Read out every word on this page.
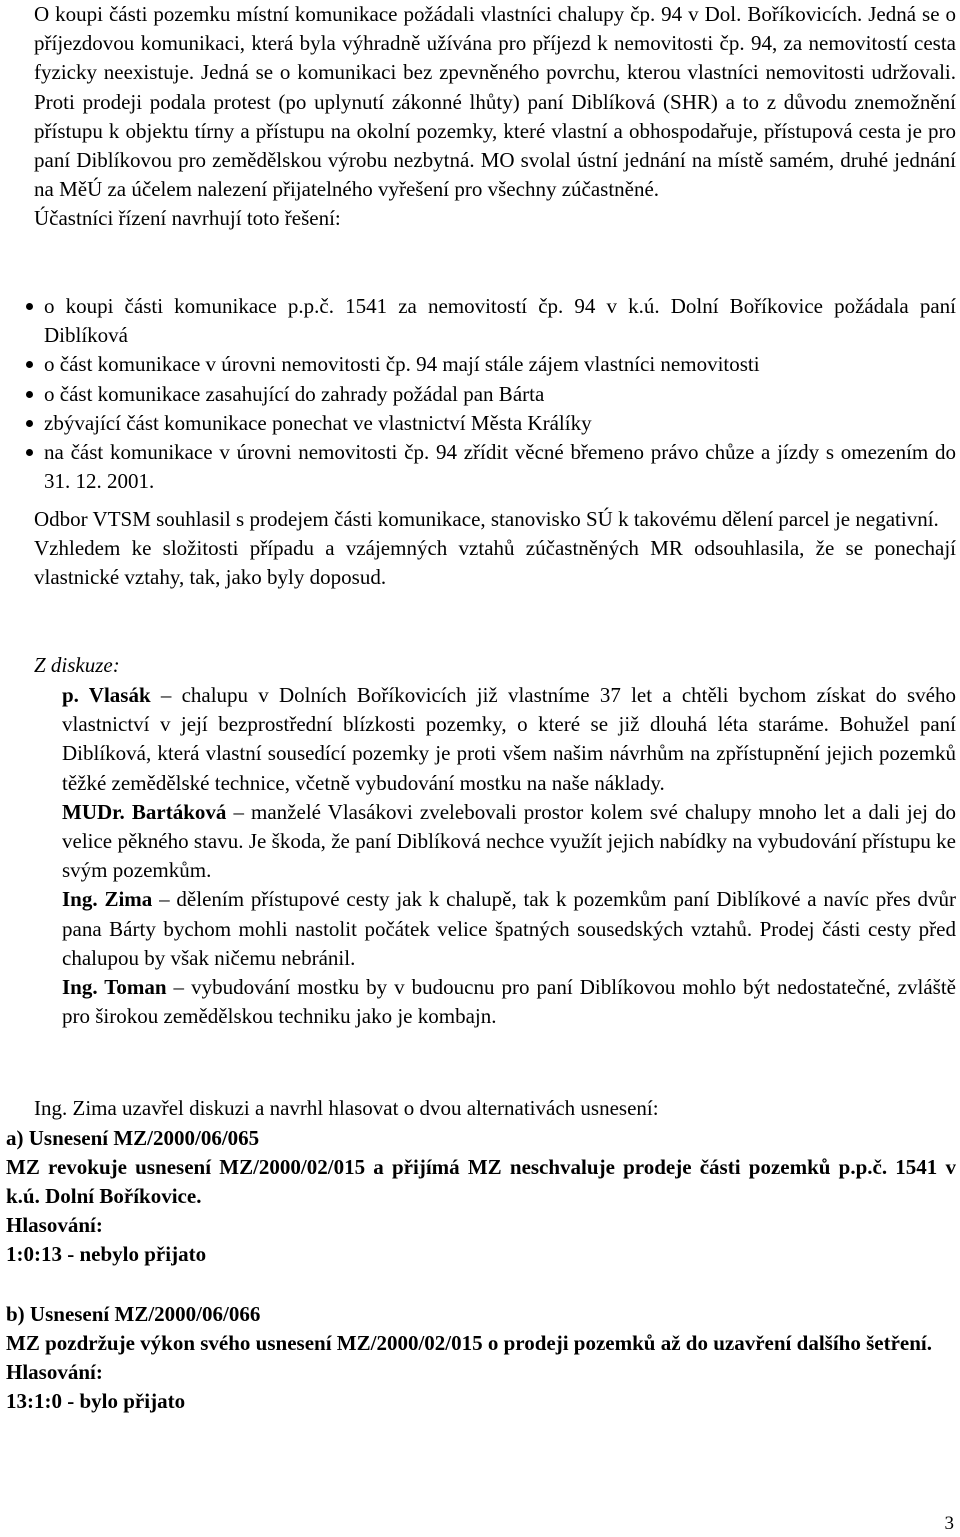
O koupi části pozemku místní komunikace požádali vlastníci chalupy čp. 94 v Dol. Boříkovicích. Jedná se o příjezdovou komunikaci, která byla výhradně užívána pro příjezd k nemovitosti čp. 94, za nemovitostí cesta fyzicky neexistuje. Jedná se o komunikaci bez zpevněného povrchu, kterou vlastníci nemovitosti udržovali. Proti prodeji podala protest (po uplynutí zákonné lhůty) paní Diblíková (SHR) a to z důvodu znemožnění přístupu k objektu tírny a přístupu na okolní pozemky, které vlastní a obhospodařuje, přístupová cesta je pro paní Diblíkovou pro zemědělskou výrobu nezbytná. MO svolal ústní jednání na místě samém, druhé jednání na MěÚ za účelem nalezení přijatelného vyřešení pro všechny zúčastněné.

Účastníci řízení navrhují toto řešení:

o koupi části komunikace p.p.č. 1541 za nemovitostí čp. 94 v k.ú. Dolní Boříkovice požádala paní Diblíková
o část komunikace v úrovni nemovitosti čp. 94 mají stále zájem vlastníci nemovitosti
o část komunikace zasahující do zahrady požádal pan Bárta
zbývající část komunikace ponechat ve vlastnictví Města Králíky
na část komunikace v úrovni nemovitosti čp. 94 zřídit věcné břemeno právo chůze a jízdy s omezením do 31. 12. 2001.

Odbor VTSM souhlasil s prodejem části komunikace, stanovisko SÚ k takovému dělení parcel je negativní.

Vzhledem ke složitosti případu a vzájemných vztahů zúčastněných MR odsouhlasila, že se ponechají vlastnické vztahy, tak, jako byly doposud.

Z diskuze:

p. Vlasák – chalupu v Dolních Boříkovicích již vlastníme 37 let a chtěli bychom získat do svého vlastnictví v její bezprostřední blízkosti pozemky, o které se již dlouhá léta staráme. Bohužel paní Diblíková, která vlastní sousedící pozemky je proti všem našim návrhům na zpřístupnění jejich pozemků těžké zemědělské technice, včetně vybudování mostku na naše náklady.

MUDr. Bartáková – manželé Vlasákovi zvelebovali prostor kolem své chalupy mnoho let a dali jej do velice pěkného stavu. Je škoda, že paní Diblíková nechce využít jejich nabídky na vybudování přístupu ke svým pozemkům.

Ing. Zima – dělením přístupové cesty jak k chalupě, tak k pozemkům paní Diblíkové a navíc přes dvůr pana Bárty bychom mohli nastolit počátek velice špatných sousedských vztahů. Prodej části cesty před chalupou by však ničemu nebránil.

Ing. Toman – vybudování mostku by v budoucnu pro paní Diblíkovou mohlo být nedostatečné, zvláště pro širokou zemědělskou techniku jako je kombajn.

Ing. Zima uzavřel diskuzi a navrhl hlasovat o dvou alternativách usnesení:

a) Usnesení MZ/2000/06/065

MZ revokuje usnesení MZ/2000/02/015 a přijímá MZ neschvaluje prodeje části pozemků p.p.č. 1541 v k.ú. Dolní Boříkovice.

Hlasování:

1:0:13 - nebylo přijato

b) Usnesení MZ/2000/06/066

MZ pozdržuje výkon svého usnesení MZ/2000/02/015 o prodeji pozemků až do uzavření dalšího šetření.

Hlasování:

13:1:0 - bylo přijato

3
